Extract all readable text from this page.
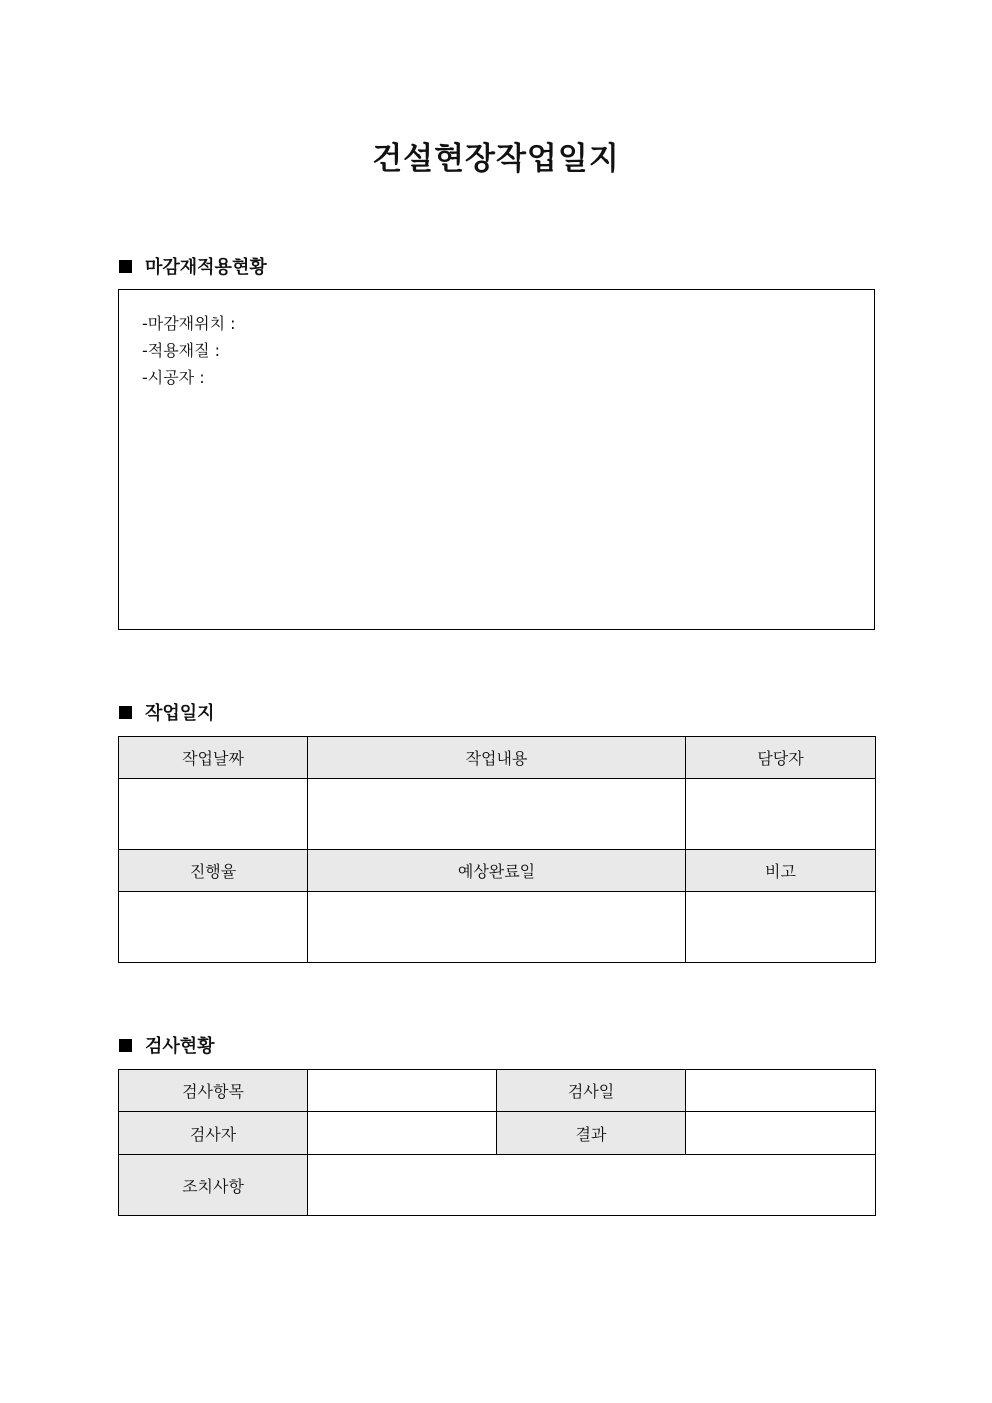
건설현장작업일지
마감재적용현황
-마감재위치 :
-적용재질 :
-시공자 :
작업일지
작업날짜	작업내용	담당자

진행율	예상완료일	비고

검사현황
검사항목		검사일	
검사자		결과	
조치사항			
